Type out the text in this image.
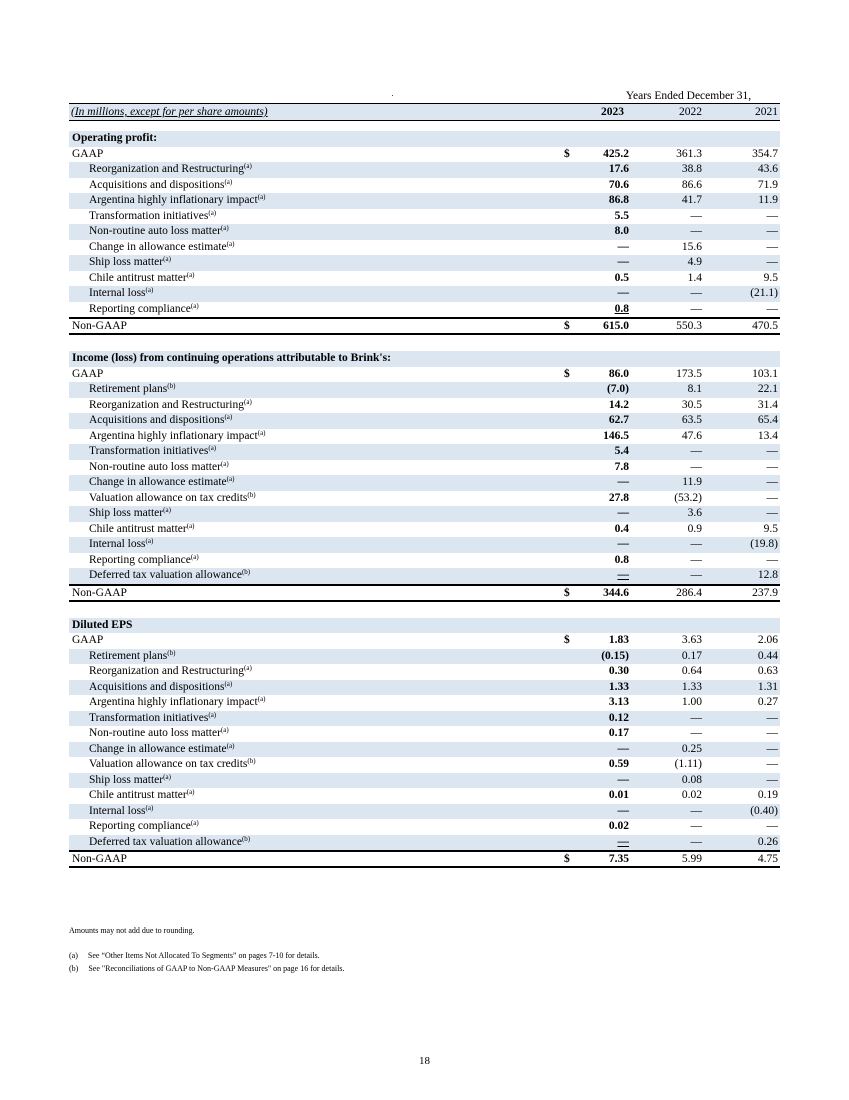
.	Years Ended December 31,
(In millions, except for per share amounts)	2023	2022	2021
Operating profit:
GAAP	$	425.2	361.3	354.7
Reorganization and Restructuring$^{(a)}$	17.6	38.8	43.6
Acquisitions and dispositions$^{(a)}$	70.6	86.6	71.9
Argentina highly inflationary impact$^{(a)}$	86.8	41.7	11.9
Transformation initiatives$^{(a)}$	5.5	—	—
Non-routine auto loss matter$^{(a)}$	8.0	—	—
Change in allowance estimate$^{(a)}$	—	15.6	—
Ship loss matter$^{(a)}$	—	4.9	—
Chile antitrust matter$^{(a)}$	0.5	1.4	9.5
Internal loss$^{(a)}$	—	—	(21.1)
Reporting compliance$^{(a)}$	0.8	—	—
Non-GAAP	$	615.0	550.3	470.5
Income (loss) from continuing operations attributable to Brink's:
GAAP	$	86.0	173.5	103.1
Retirement plans$^{(b)}$	(7.0)	8.1	22.1
Reorganization and Restructuring$^{(a)}$	14.2	30.5	31.4
Acquisitions and dispositions$^{(a)}$	62.7	63.5	65.4
Argentina highly inflationary impact$^{(a)}$	146.5	47.6	13.4
Transformation initiatives$^{(a)}$	5.4	—	—
Non-routine auto loss matter$^{(a)}$	7.8	—	—
Change in allowance estimate$^{(a)}$	—	11.9	—
Valuation allowance on tax credits$^{(b)}$	27.8	(53.2)	—
Ship loss matter$^{(a)}$	—	3.6	—
Chile antitrust matter$^{(a)}$	0.4	0.9	9.5
Internal loss$^{(a)}$	—	—	(19.8)
Reporting compliance$^{(a)}$	0.8	—	—
Deferred tax valuation allowance$^{(b)}$	—	—	12.8
Non-GAAP	$	344.6	286.4	237.9
Diluted EPS
GAAP	$	1.83	3.63	2.06
Retirement plans$^{(b)}$	(0.15)	0.17	0.44
Reorganization and Restructuring$^{(a)}$	0.30	0.64	0.63
Acquisitions and dispositions$^{(a)}$	1.33	1.33	1.31
Argentina highly inflationary impact$^{(a)}$	3.13	1.00	0.27
Transformation initiatives$^{(a)}$	0.12	—	—
Non-routine auto loss matter$^{(a)}$	0.17	—	—
Change in allowance estimate$^{(a)}$	—	0.25	—
Valuation allowance on tax credits$^{(b)}$	0.59	(1.11)	—
Ship loss matter$^{(a)}$	—	0.08	—
Chile antitrust matter$^{(a)}$	0.01	0.02	0.19
Internal loss$^{(a)}$	—	—	(0.40)
Reporting compliance$^{(a)}$	0.02	—	—
Deferred tax valuation allowance$^{(b)}$	—	—	0.26
Non-GAAP	$	7.35	5.99	4.75
Amounts may not add due to rounding.
(a) See “Other Items Not Allocated To Segments” on pages 7-10 for details.
(b) See "Reconciliations of GAAP to Non-GAAP Measures" on page 16 for details.
18
